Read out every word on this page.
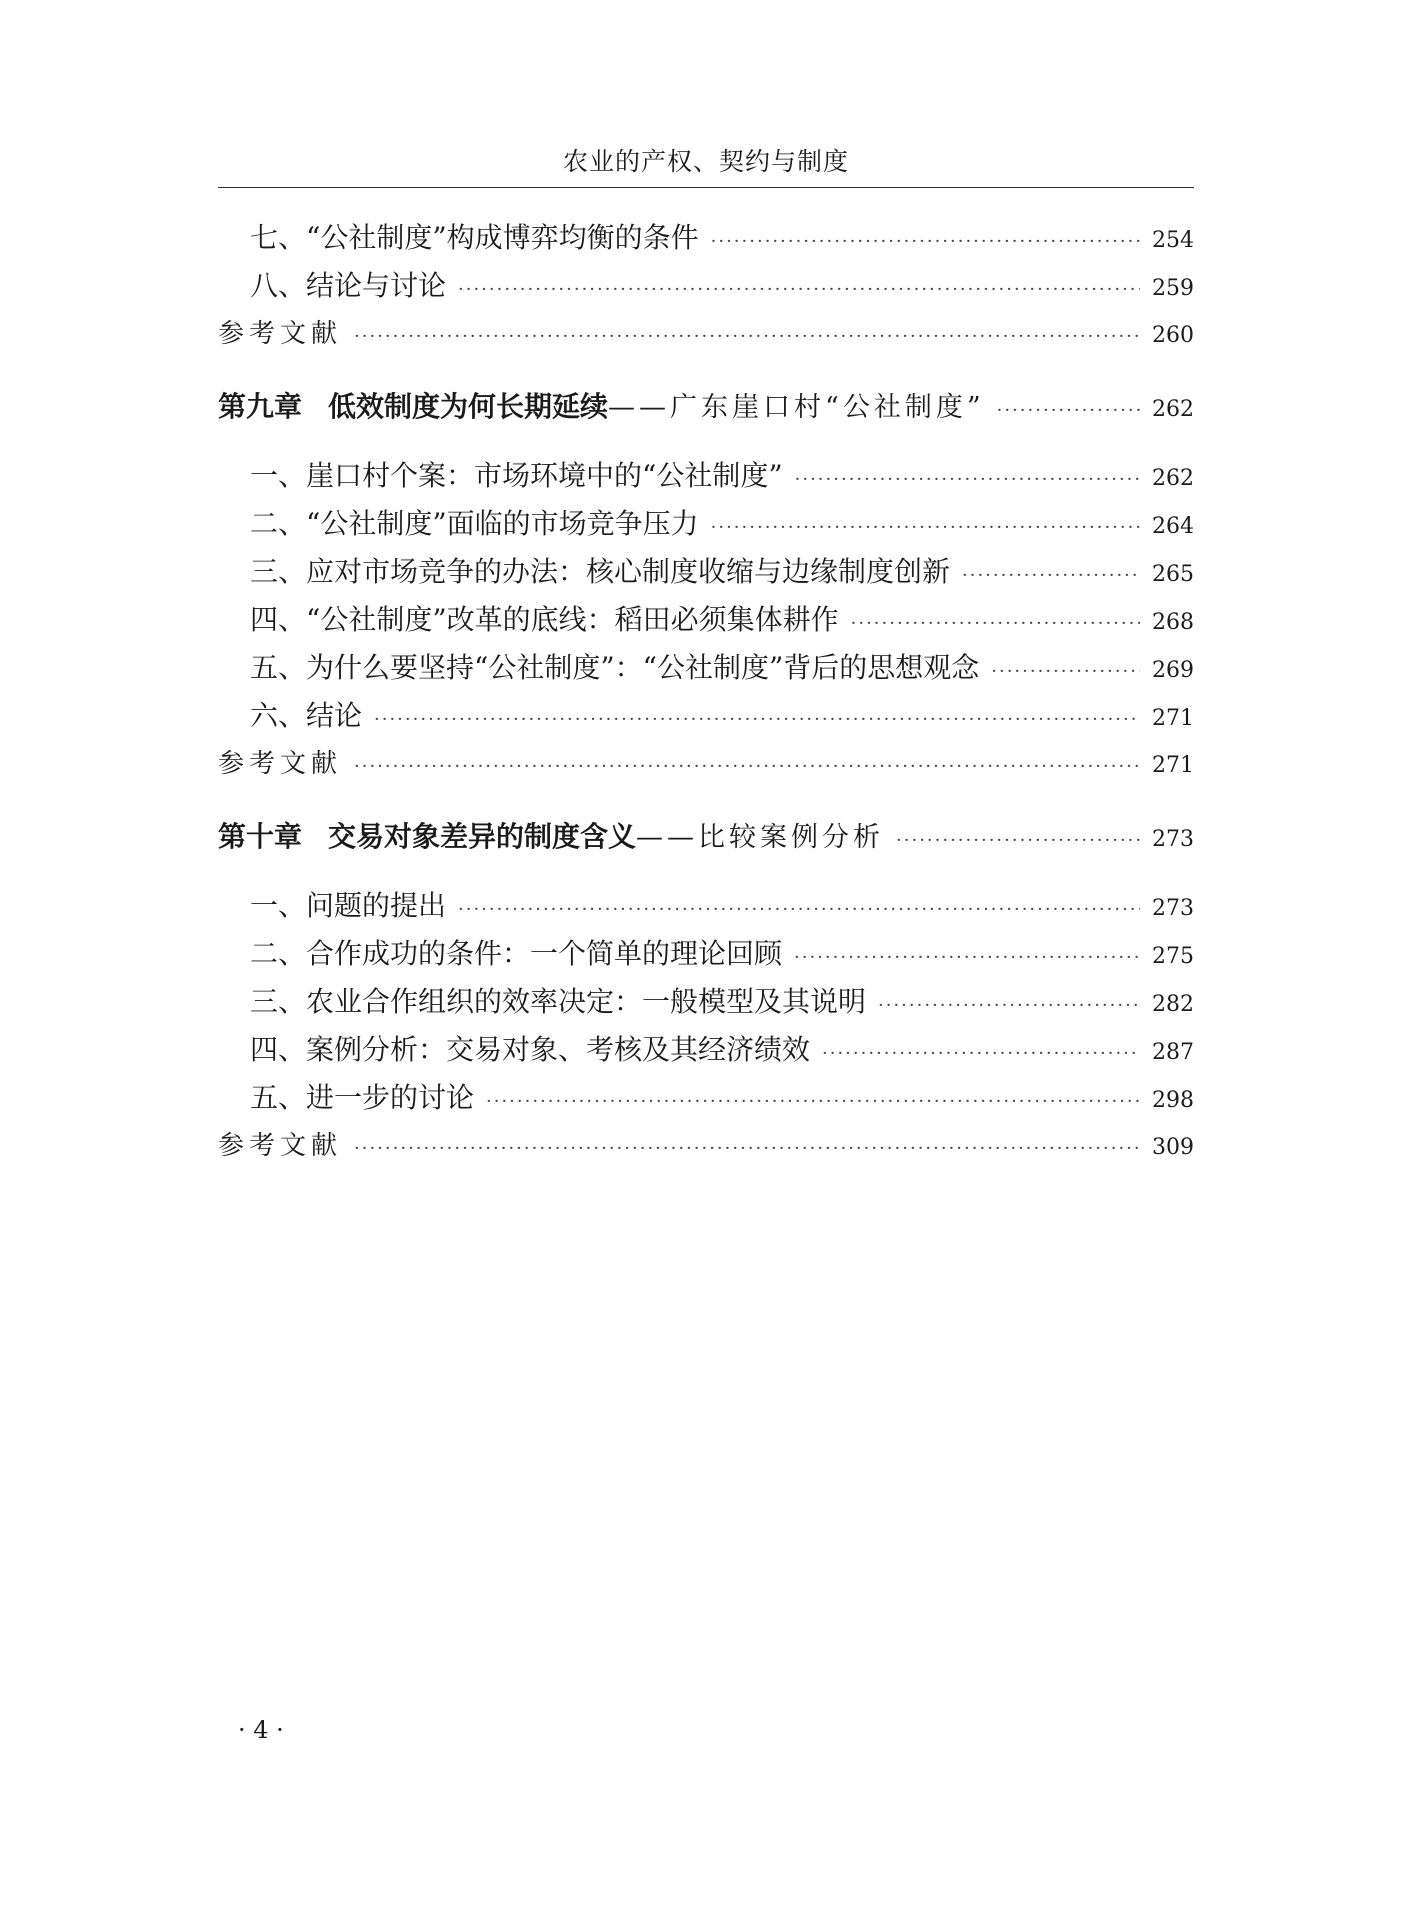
农业的产权、契约与制度
七、“公社制度”构成博弈均衡的条件 ·····	254
八、结论与讨论 ·····	259
参考文献 ·····	260
第九章 低效制度为何长期延续 ——广东崖口村“公社制度” ·····	262
一、崖口村个案：市场环境中的“公社制度” ·····	262
二、“公社制度”面临的市场竞争压力 ·····	264
三、应对市场竞争的办法：核心制度收缩与边缘制度创新 ·····	265
四、“公社制度”改革的底线：稻田必须集体耕作 ·····	268
五、为什么要坚持“公社制度”：“公社制度”背后的思想观念 ·····	269
六、结论 ·····	271
参考文献 ·····	271
第十章 交易对象差异的制度含义 ——比较案例分析 ·····	273
一、问题的提出 ·····	273
二、合作成功的条件：一个简单的理论回顾 ·····	275
三、农业合作组织的效率决定：一般模型及其说明 ·····	282
四、案例分析：交易对象、考核及其经济绩效 ·····	287
五、进一步的讨论 ·····	298
参考文献 ·····	309
· 4 ·
